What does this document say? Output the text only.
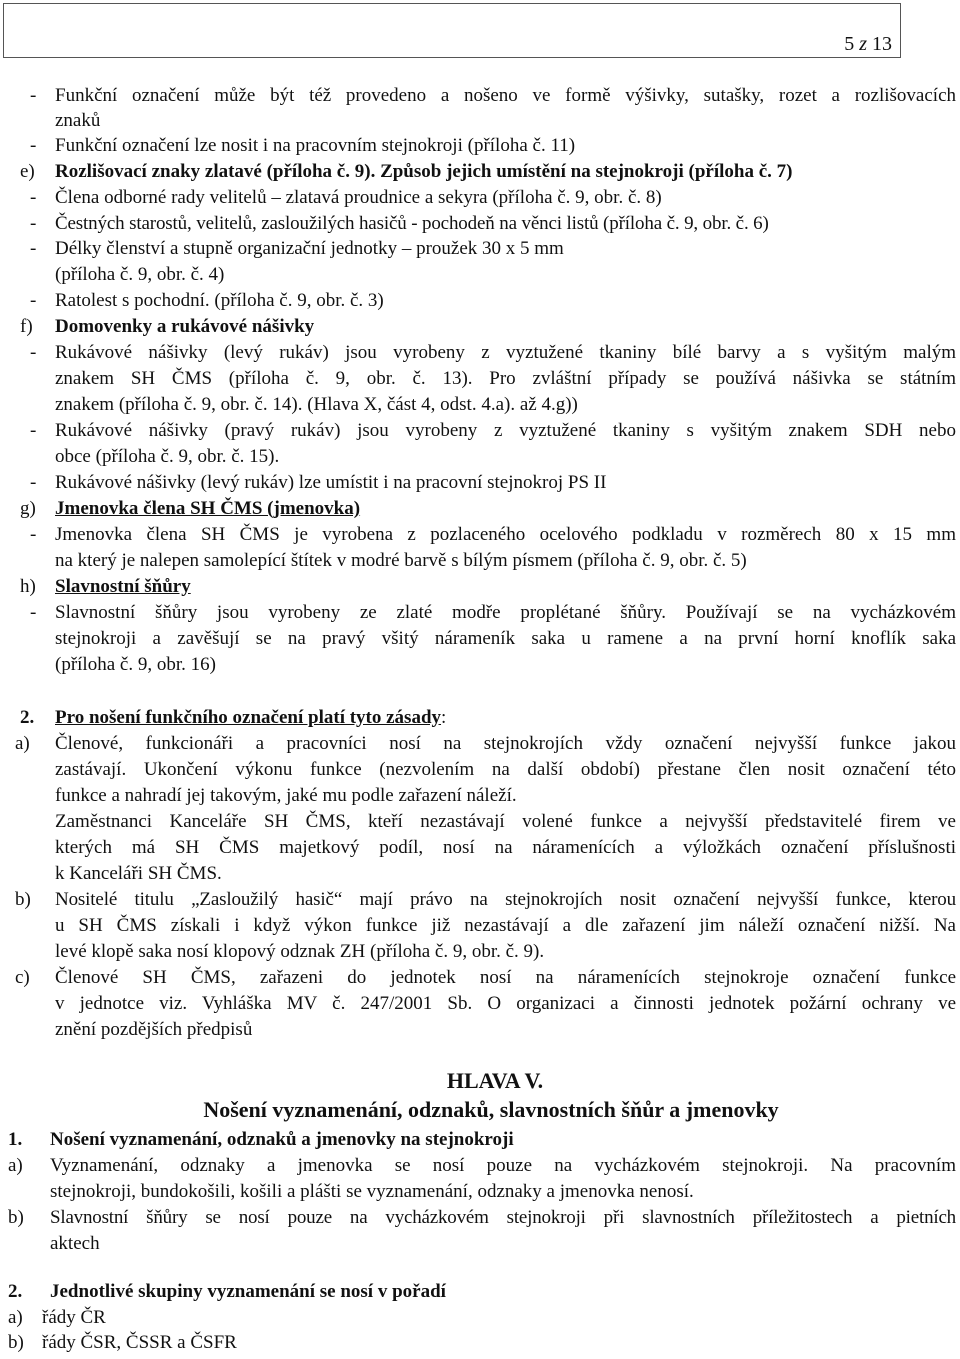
5 z 13
- Funkční označení může být též provedeno a nošeno ve formě výšivky, sutašky, rozet a rozlišovacích
znaků
- Funkční označení lze nosit i na pracovním stejnokroji (příloha č. 11)
e) Rozlišovací znaky zlatavé (příloha č. 9). Způsob jejich umístění na stejnokroji (příloha č. 7)
- Člena odborné rady velitelů – zlatavá proudnice a sekyra (příloha č. 9, obr. č. 8)
- Čestných starostů, velitelů, zasloužilých hasičů - pochodeň na věnci listů (příloha č. 9, obr. č. 6)
- Délky členství a stupně organizační jednotky – proužek 30 x 5 mm
(příloha č. 9, obr. č. 4)
- Ratolest s pochodní. (příloha č. 9, obr. č. 3)
f) Domovenky a rukávové nášivky
- Rukávové nášivky (levý rukáv) jsou vyrobeny z vyztužené tkaniny bílé barvy a s vyšitým malým
znakem SH ČMS (příloha č. 9, obr. č. 13). Pro zvláštní případy se používá nášivka se státním
znakem (příloha č. 9, obr. č. 14). (Hlava X, část 4, odst. 4.a). až 4.g))
- Rukávové nášivky (pravý rukáv) jsou vyrobeny z vyztužené tkaniny s vyšitým znakem SDH nebo
obce (příloha č. 9, obr. č. 15).
- Rukávové nášivky (levý rukáv) lze umístit i na pracovní stejnokroj PS II
g) Jmenovka člena SH ČMS (jmenovka)
- Jmenovka člena SH ČMS je vyrobena z pozlaceného ocelového podkladu v rozměrech 80 x 15 mm
na který je nalepen samolepící štítek v modré barvě s bílým písmem (příloha č. 9, obr. č. 5)
h) Slavnostní šňůry
- Slavnostní šňůry jsou vyrobeny ze zlaté modře proplétané šňůry. Používají se na vycházkovém
stejnokroji a zavěšují se na pravý všitý nárameník saka u ramene a na první horní knoflík saka
(příloha č. 9, obr. 16)
2. Pro nošení funkčního označení platí tyto zásady:
a) Členové, funkcionáři a pracovníci nosí na stejnokrojích vždy označení nejvyšší funkce jakou
zastávají. Ukončení výkonu funkce (nezvolením na další období) přestane člen nosit označení této
funkce a nahradí jej takovým, jaké mu podle zařazení náleží.
Zaměstnanci Kanceláře SH ČMS, kteří nezastávají volené funkce a nejvyšší představitelé firem ve
kterých má SH ČMS majetkový podíl, nosí na náramenících a výložkách označení příslušnosti
k Kanceláři SH ČMS.
b) Nositelé titulu „Zasloužilý hasič“ mají právo na stejnokrojích nosit označení nejvyšší funkce, kterou
u SH ČMS získali i když výkon funkce již nezastávají a dle zařazení jim náleží označení nižší. Na
levé klopě saka nosí klopový odznak ZH (příloha č. 9, obr. č. 9).
c) Členové SH ČMS, zařazeni do jednotek nosí na náramenících stejnokroje označení funkce
v jednotce viz. Vyhláška MV č. 247/2001 Sb. O organizaci a činnosti jednotek požární ochrany ve
znění pozdějších předpisů
HLAVA V.
Nošení vyznamenání, odznaků, slavnostních šňůr a jmenovky
1. Nošení vyznamenání, odznaků a jmenovky na stejnokroji
a) Vyznamenání, odznaky a jmenovka se nosí pouze na vycházkovém stejnokroji. Na pracovním
stejnokroji, bundokošili, košili a plášti se vyznamenání, odznaky a jmenovka nenosí.
b) Slavnostní šňůry se nosí pouze na vycházkovém stejnokroji při slavnostních příležitostech a pietních
aktech
2. Jednotlivé skupiny vyznamenání se nosí v pořadí
a) řády ČR
b) řády ČSR, ČSSR a ČSFR
